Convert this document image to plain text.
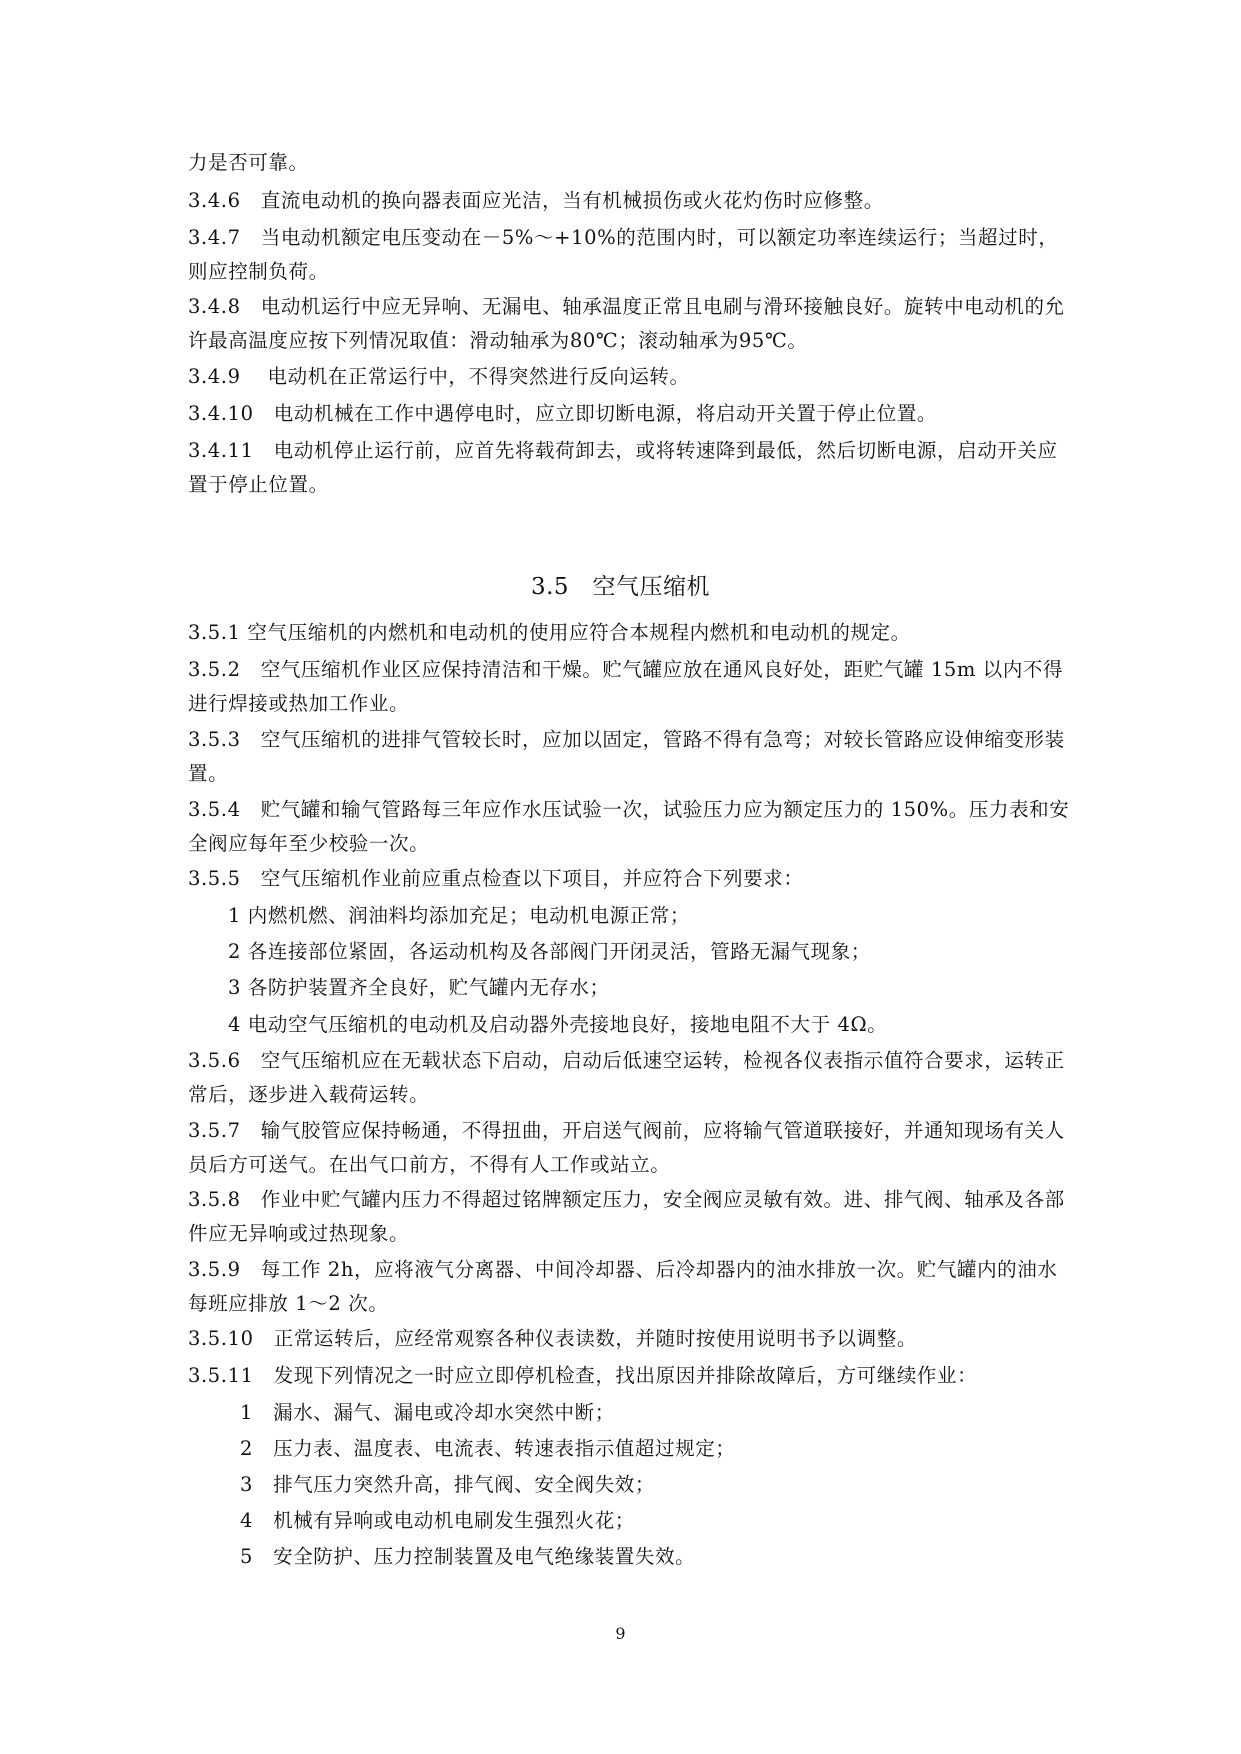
力是否可靠。
3.4.6　直流电动机的换向器表面应光洁，当有机械损伤或火花灼伤时应修整。
3.4.7　当电动机额定电压变动在－5%～+10%的范围内时，可以额定功率连续运行；当超过时，则应控制负荷。
3.4.8　电动机运行中应无异响、无漏电、轴承温度正常且电刷与滑环接触良好。旋转中电动机的允许最高温度应按下列情况取值：滑动轴承为80℃；滚动轴承为95℃。
3.4.9　 电动机在正常运行中，不得突然进行反向运转。
3.4.10　电动机械在工作中遇停电时，应立即切断电源，将启动开关置于停止位置。
3.4.11　电动机停止运行前，应首先将载荷卸去，或将转速降到最低，然后切断电源，启动开关应置于停止位置。
3.5　空气压缩机
3.5.1 空气压缩机的内燃机和电动机的使用应符合本规程内燃机和电动机的规定。
3.5.2　空气压缩机作业区应保持清洁和干燥。贮气罐应放在通风良好处，距贮气罐 15m 以内不得进行焊接或热加工作业。
3.5.3　空气压缩机的进排气管较长时，应加以固定，管路不得有急弯；对较长管路应设伸缩变形装置。
3.5.4　贮气罐和输气管路每三年应作水压试验一次，试验压力应为额定压力的 150%。压力表和安全阀应每年至少校验一次。
3.5.5　空气压缩机作业前应重点检查以下项目，并应符合下列要求：
1 内燃机燃、润油料均添加充足；电动机电源正常；
2 各连接部位紧固，各运动机构及各部阀门开闭灵活，管路无漏气现象；
3 各防护装置齐全良好，贮气罐内无存水；
4 电动空气压缩机的电动机及启动器外壳接地良好，接地电阻不大于 4Ω。
3.5.6　空气压缩机应在无载状态下启动，启动后低速空运转，检视各仪表指示值符合要求，运转正常后，逐步进入载荷运转。
3.5.7　输气胶管应保持畅通，不得扭曲，开启送气阀前，应将输气管道联接好，并通知现场有关人员后方可送气。在出气口前方，不得有人工作或站立。
3.5.8　作业中贮气罐内压力不得超过铭牌额定压力，安全阀应灵敏有效。进、排气阀、轴承及各部件应无异响或过热现象。
3.5.9　每工作 2h，应将液气分离器、中间冷却器、后冷却器内的油水排放一次。贮气罐内的油水每班应排放 1～2 次。
3.5.10　正常运转后，应经常观察各种仪表读数，并随时按使用说明书予以调整。
3.5.11　发现下列情况之一时应立即停机检查，找出原因并排除故障后，方可继续作业：
1　漏水、漏气、漏电或冷却水突然中断；
2　压力表、温度表、电流表、转速表指示值超过规定；
3　排气压力突然升高，排气阀、安全阀失效；
4　机械有异响或电动机电刷发生强烈火花；
5　安全防护、压力控制装置及电气绝缘装置失效。
9
